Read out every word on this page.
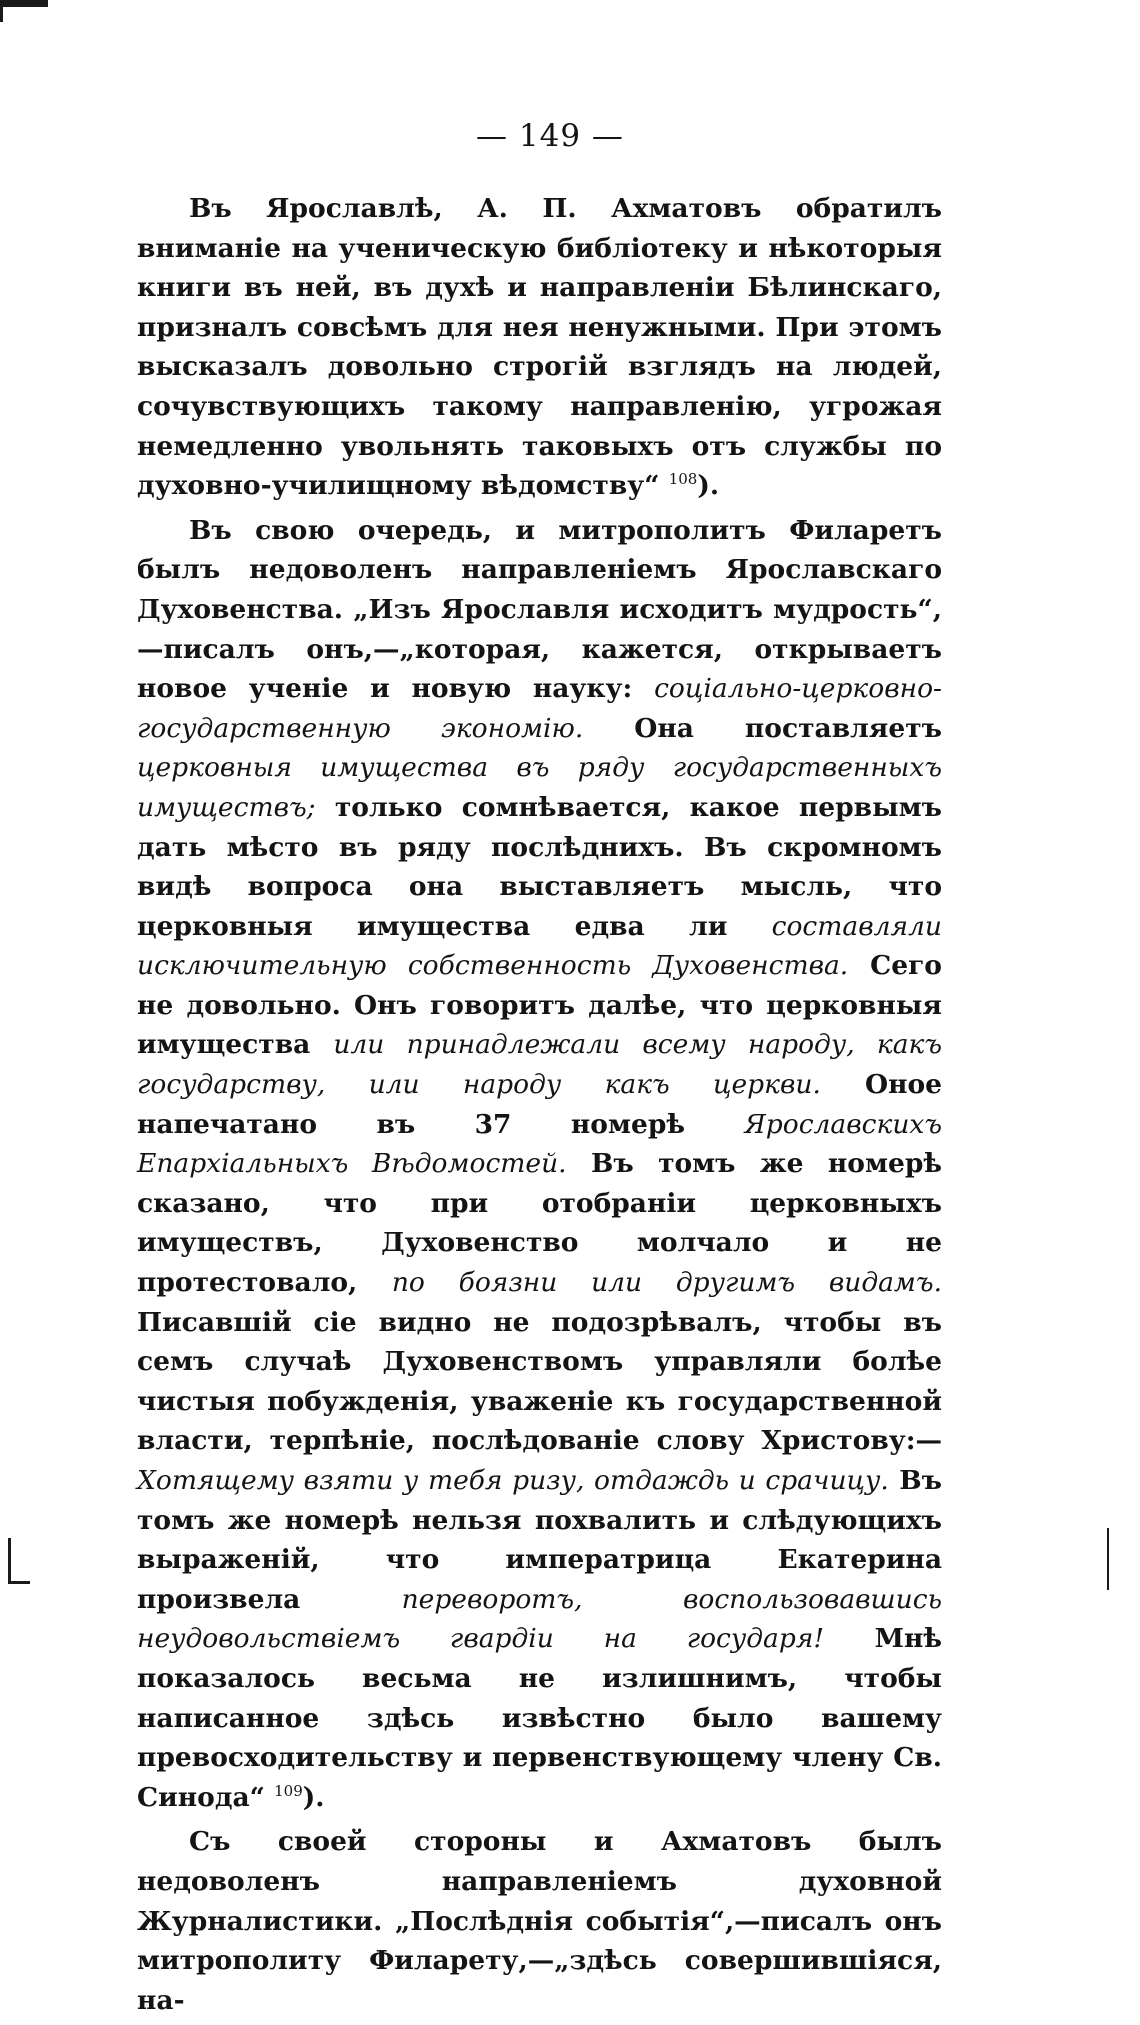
— 149 —

Въ Ярославлѣ, А. П. Ахматовъ обратилъ вниманіе на ученическую библіотеку и нѣкоторыя книги въ ней, въ духѣ и направленіи Бѣлинскаго, призналъ совсѣмъ для нея ненужными. При этомъ высказалъ довольно строгій взглядъ на людей, сочувствующихъ такому направленію, угрожая немедленно увольнять таковыхъ отъ службы по духовно-училищному вѣдомству“ $^{108}$).

Въ свою очередь, и митрополитъ Филаретъ былъ недоволенъ направленіемъ Ярославскаго Духовенства. „Изъ Ярославля исходитъ мудрость“,—писалъ онъ,—„которая, кажется, открываетъ новое ученіе и новую науку: соціально-церковно-государственную экономію. Она поставляетъ церковныя имущества въ ряду государственныхъ имуществъ; только сомнѣвается, какое первымъ дать мѣсто въ ряду послѣднихъ. Въ скромномъ видѣ вопроса она выставляетъ мысль, что церковныя имущества едва ли составляли исключительную собственность Духовенства. Сего не довольно. Онъ говоритъ далѣе, что церковныя имущества или принадлежали всему народу, какъ государству, или народу какъ церкви. Оное напечатано въ 37 номерѣ Ярославскихъ Епархіальныхъ Вѣдомостей. Въ томъ же номерѣ сказано, что при отобраніи церковныхъ имуществъ, Духовенство молчало и не протестовало, по боязни или другимъ видамъ. Писавшій сіе видно не подозрѣвалъ, чтобы въ семъ случаѣ Духовенствомъ управляли болѣе чистыя побужденія, уваженіе къ государственной власти, терпѣніе, послѣдованіе слову Христову:—Хотящему взяти у тебя ризу, отдаждь и срачицу. Въ томъ же номерѣ нельзя похвалить и слѣдующихъ выраженій, что императрица Екатерина произвела переворотъ, воспользовавшись неудовольствіемъ гвардіи на государя! Мнѣ показалось весьма не излишнимъ, чтобы написанное здѣсь извѣстно было вашему превосходительству и первенствующему члену Св. Синода“ $^{109}$).

Съ своей стороны и Ахматовъ былъ недоволенъ направленіемъ духовной Журналистики. „Послѣднія событія“,—писалъ онъ митрополиту Филарету,—„здѣсь совершившіяся, на-
